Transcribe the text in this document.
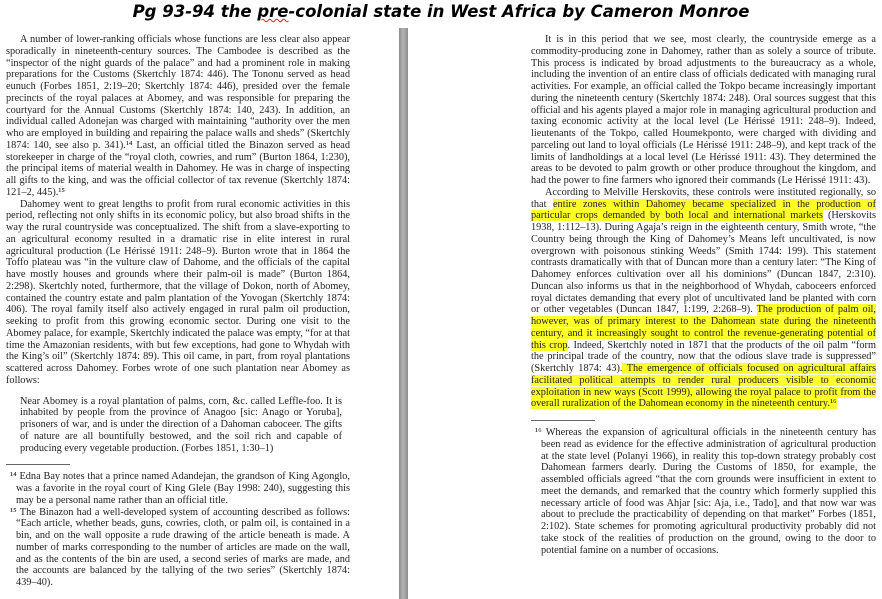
Pg 93-94 the pre-colonial state in West Africa by Cameron Monroe

A number of lower-ranking officials whose functions are less clear also appear sporadically in nineteenth-century sources. The Cambodee is described as the “inspector of the night guards of the palace” and had a prominent role in making preparations for the Customs (Skertchly 1874: 446). The Tononu served as head eunuch (Forbes 1851, 2:19–20; Skertchly 1874: 446), presided over the female precincts of the royal palaces at Abomey, and was responsible for preparing the courtyard for the Annual Customs (Skertchly 1874: 140, 243). In addition, an individual called Adonejan was charged with maintaining “authority over the men who are employed in building and repairing the palace walls and sheds” (Skertchly 1874: 140, see also p. 341).¹⁴ Last, an official titled the Binazon served as head storekeeper in charge of the “royal cloth, cowries, and rum” (Burton 1864, 1:230), the principal items of material wealth in Dahomey. He was in charge of inspecting all gifts to the king, and was the official collector of tax revenue (Skertchly 1874: 121–2, 445).¹⁵

Dahomey went to great lengths to profit from rural economic activities in this period, reflecting not only shifts in its economic policy, but also broad shifts in the way the rural countryside was conceptualized. The shift from a slave-exporting to an agricultural economy resulted in a dramatic rise in elite interest in rural agricultural production (Le Hérissé 1911: 248–9). Burton wrote that in 1864 the Toffo plateau was “in the vulture claw of Dahome, and the officials of the capital have mostly houses and grounds where their palm-oil is made” (Burton 1864, 2:298). Skertchly noted, furthermore, that the village of Dokon, north of Abomey, contained the country estate and palm plantation of the Yovogan (Skertchly 1874: 406). The royal family itself also actively engaged in rural palm oil production, seeking to profit from this growing economic sector. During one visit to the Abomey palace, for example, Skertchly indicated the palace was empty, “for at that time the Amazonian residents, with but few exceptions, had gone to Whydah with the King’s oil” (Skertchly 1874: 89). This oil came, in part, from royal plantations scattered across Dahomey. Forbes wrote of one such plantation near Abomey as follows:

Near Abomey is a royal plantation of palms, corn, &c. called Leffle-foo. It is inhabited by people from the province of Anagoo [sic: Anago or Yoruba], prisoners of war, and is under the direction of a Dahoman caboceer. The gifts of nature are all bountifully bestowed, and the soil rich and capable of producing every vegetable production. (Forbes 1851, 1:30–1)

¹⁴ Edna Bay notes that a prince named Adandejan, the grandson of King Agonglo, was a favorite in the royal court of King Glele (Bay 1998: 240), suggesting this may be a personal name rather than an official title.

¹⁵ The Binazon had a well-developed system of accounting described as follows: “Each article, whether beads, guns, cowries, cloth, or palm oil, is contained in a bin, and on the wall opposite a rude drawing of the article beneath is made. A number of marks corresponding to the number of articles are made on the wall, and as the contents of the bin are used, a second series of marks are made, and the accounts are balanced by the tallying of the two series” (Skertchly 1874: 439–40).

It is in this period that we see, most clearly, the countryside emerge as a commodity-producing zone in Dahomey, rather than as solely a source of tribute. This process is indicated by broad adjustments to the bureaucracy as a whole, including the invention of an entire class of officials dedicated with managing rural activities. For example, an official called the Tokpo became increasingly important during the nineteenth century (Skertchly 1874: 248). Oral sources suggest that this official and his agents played a major role in managing agricultural production and taxing economic activity at the local level (Le Hérissé 1911: 248–9). Indeed, lieutenants of the Tokpo, called Houmekponto, were charged with dividing and parceling out land to loyal officials (Le Hérissé 1911: 248–9), and kept track of the limits of landholdings at a local level (Le Hérissé 1911: 43). They determined the areas to be devoted to palm growth or other produce throughout the kingdom, and had the power to fine farmers who ignored their commands (Le Hérissé 1911: 43).

According to Melville Herskovits, these controls were instituted regionally, so that entire zones within Dahomey became specialized in the production of particular crops demanded by both local and international markets (Herskovits 1938, 1:112–13). During Agaja’s reign in the eighteenth century, Smith wrote, “the Country being through the King of Dahomey’s Means left uncultivated, is now overgrown with poisonous stinking Weeds” (Smith 1744: 199). This statement contrasts dramatically with that of Duncan more than a century later: “The King of Dahomey enforces cultivation over all his dominions” (Duncan 1847, 2:310). Duncan also informs us that in the neighborhood of Whydah, caboceers enforced royal dictates demanding that every plot of uncultivated land be planted with corn or other vegetables (Duncan 1847, 1:199, 2:268–9). The production of palm oil, however, was of primary interest to the Dahomean state during the nineteenth century, and it increasingly sought to control the revenue-generating potential of this crop. Indeed, Skertchly noted in 1871 that the products of the oil palm “form the principal trade of the country, now that the odious slave trade is suppressed” (Skertchly 1874: 43). The emergence of officials focused on agricultural affairs facilitated political attempts to render rural producers visible to economic exploitation in new ways (Scott 1999), allowing the royal palace to profit from the overall ruralization of the Dahomean economy in the nineteenth century.¹⁶

¹⁶ Whereas the expansion of agricultural officials in the nineteenth century has been read as evidence for the effective administration of agricultural production at the state level (Polanyi 1966), in reality this top-down strategy probably cost Dahomean farmers dearly. During the Customs of 1850, for example, the assembled officials agreed “that the corn grounds were insufficient in extent to meet the demands, and remarked that the country which formerly supplied this necessary article of food was Ahjar [sic: Aja, i.e., Tado], and that now war was about to preclude the practicability of depending on that market” Forbes (1851, 2:102). State schemes for promoting agricultural productivity probably did not take stock of the realities of production on the ground, owing to the door to potential famine on a number of occasions.
